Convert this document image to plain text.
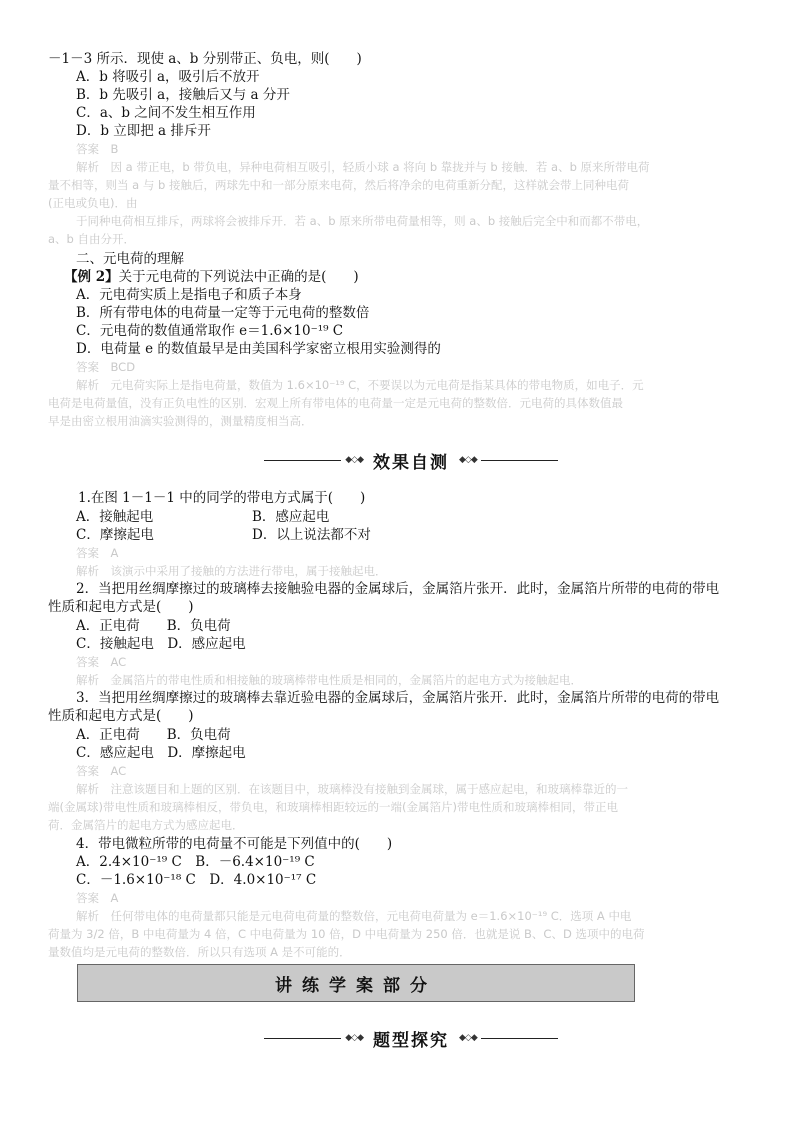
－1－3 所示．现使 a、b 分别带正、负电，则(　　)
A．b 将吸引 a，吸引后不放开
B．b 先吸引 a，接触后又与 a 分开
C．a、b 之间不发生相互作用
D．b 立即把 a 排斥开
答案　B
解析　因 a 带正电，b 带负电，异种电荷相互吸引，轻质小球 a 将向 b 靠拢并与 b 接触．若 a、b 原来所带电荷
量不相等，则当 a 与 b 接触后，两球先中和一部分原来电荷，然后将净余的电荷重新分配，这样就会带上同种电荷
(正电或负电)．由
于同种电荷相互排斥，两球将会被排斥开．若 a、b 原来所带电荷量相等，则 a、b 接触后完全中和而都不带电，
a、b 自由分开．
二、元电荷的理解
【例 2】关于元电荷的下列说法中正确的是(　　)
A．元电荷实质上是指电子和质子本身
B．所有带电体的电荷量一定等于元电荷的整数倍
C．元电荷的数值通常取作 e＝1.6×10⁻¹⁹ C
D．电荷量 e 的数值最早是由美国科学家密立根用实验测得的
答案　BCD
解析　元电荷实际上是指电荷量，数值为 1.6×10⁻¹⁹ C，不要误以为元电荷是指某具体的带电物质，如电子．元
电荷是电荷量值，没有正负电性的区别．宏观上所有带电体的电荷量一定是元电荷的整数倍．元电荷的具体数值最
早是由密立根用油滴实验测得的，测量精度相当高．
◆◇◆ 效果自测 ◆◇◆
1.在图 1－1－1 中的同学的带电方式属于(　　)
A．接触起电	B．感应起电
C．摩擦起电	D．以上说法都不对
答案　A
解析　该演示中采用了接触的方法进行带电，属于接触起电．
2．当把用丝绸摩擦过的玻璃棒去接触验电器的金属球后，金属箔片张开．此时，金属箔片所带的电荷的带电
性质和起电方式是(　　)
A．正电荷　　B．负电荷
C．接触起电　D．感应起电
答案　AC
解析　金属箔片的带电性质和相接触的玻璃棒带电性质是相同的，金属箔片的起电方式为接触起电．
3．当把用丝绸摩擦过的玻璃棒去靠近验电器的金属球后，金属箔片张开．此时，金属箔片所带的电荷的带电
性质和起电方式是(　　)
A．正电荷　　B．负电荷
C．感应起电　D．摩擦起电
答案　AC
解析　注意该题目和上题的区别．在该题目中，玻璃棒没有接触到金属球，属于感应起电，和玻璃棒靠近的一
端(金属球)带电性质和玻璃棒相反，带负电，和玻璃棒相距较远的一端(金属箔片)带电性质和玻璃棒相同，带正电
荷．金属箔片的起电方式为感应起电．
4．带电微粒所带的电荷量不可能是下列值中的(　　)
A．2.4×10⁻¹⁹ C　B．－6.4×10⁻¹⁹ C
C．－1.6×10⁻¹⁸ C　D．4.0×10⁻¹⁷ C
答案　A
解析　任何带电体的电荷量都只能是元电荷电荷量的整数倍，元电荷电荷量为 e＝1.6×10⁻¹⁹ C．选项 A 中电
荷量为 3/2 倍，B 中电荷量为 4 倍，C 中电荷量为 10 倍，D 中电荷量为 250 倍．也就是说 B、C、D 选项中的电荷
量数值均是元电荷的整数倍．所以只有选项 A 是不可能的．
讲练学案部分
◆◇◆ 题型探究 ◆◇◆
